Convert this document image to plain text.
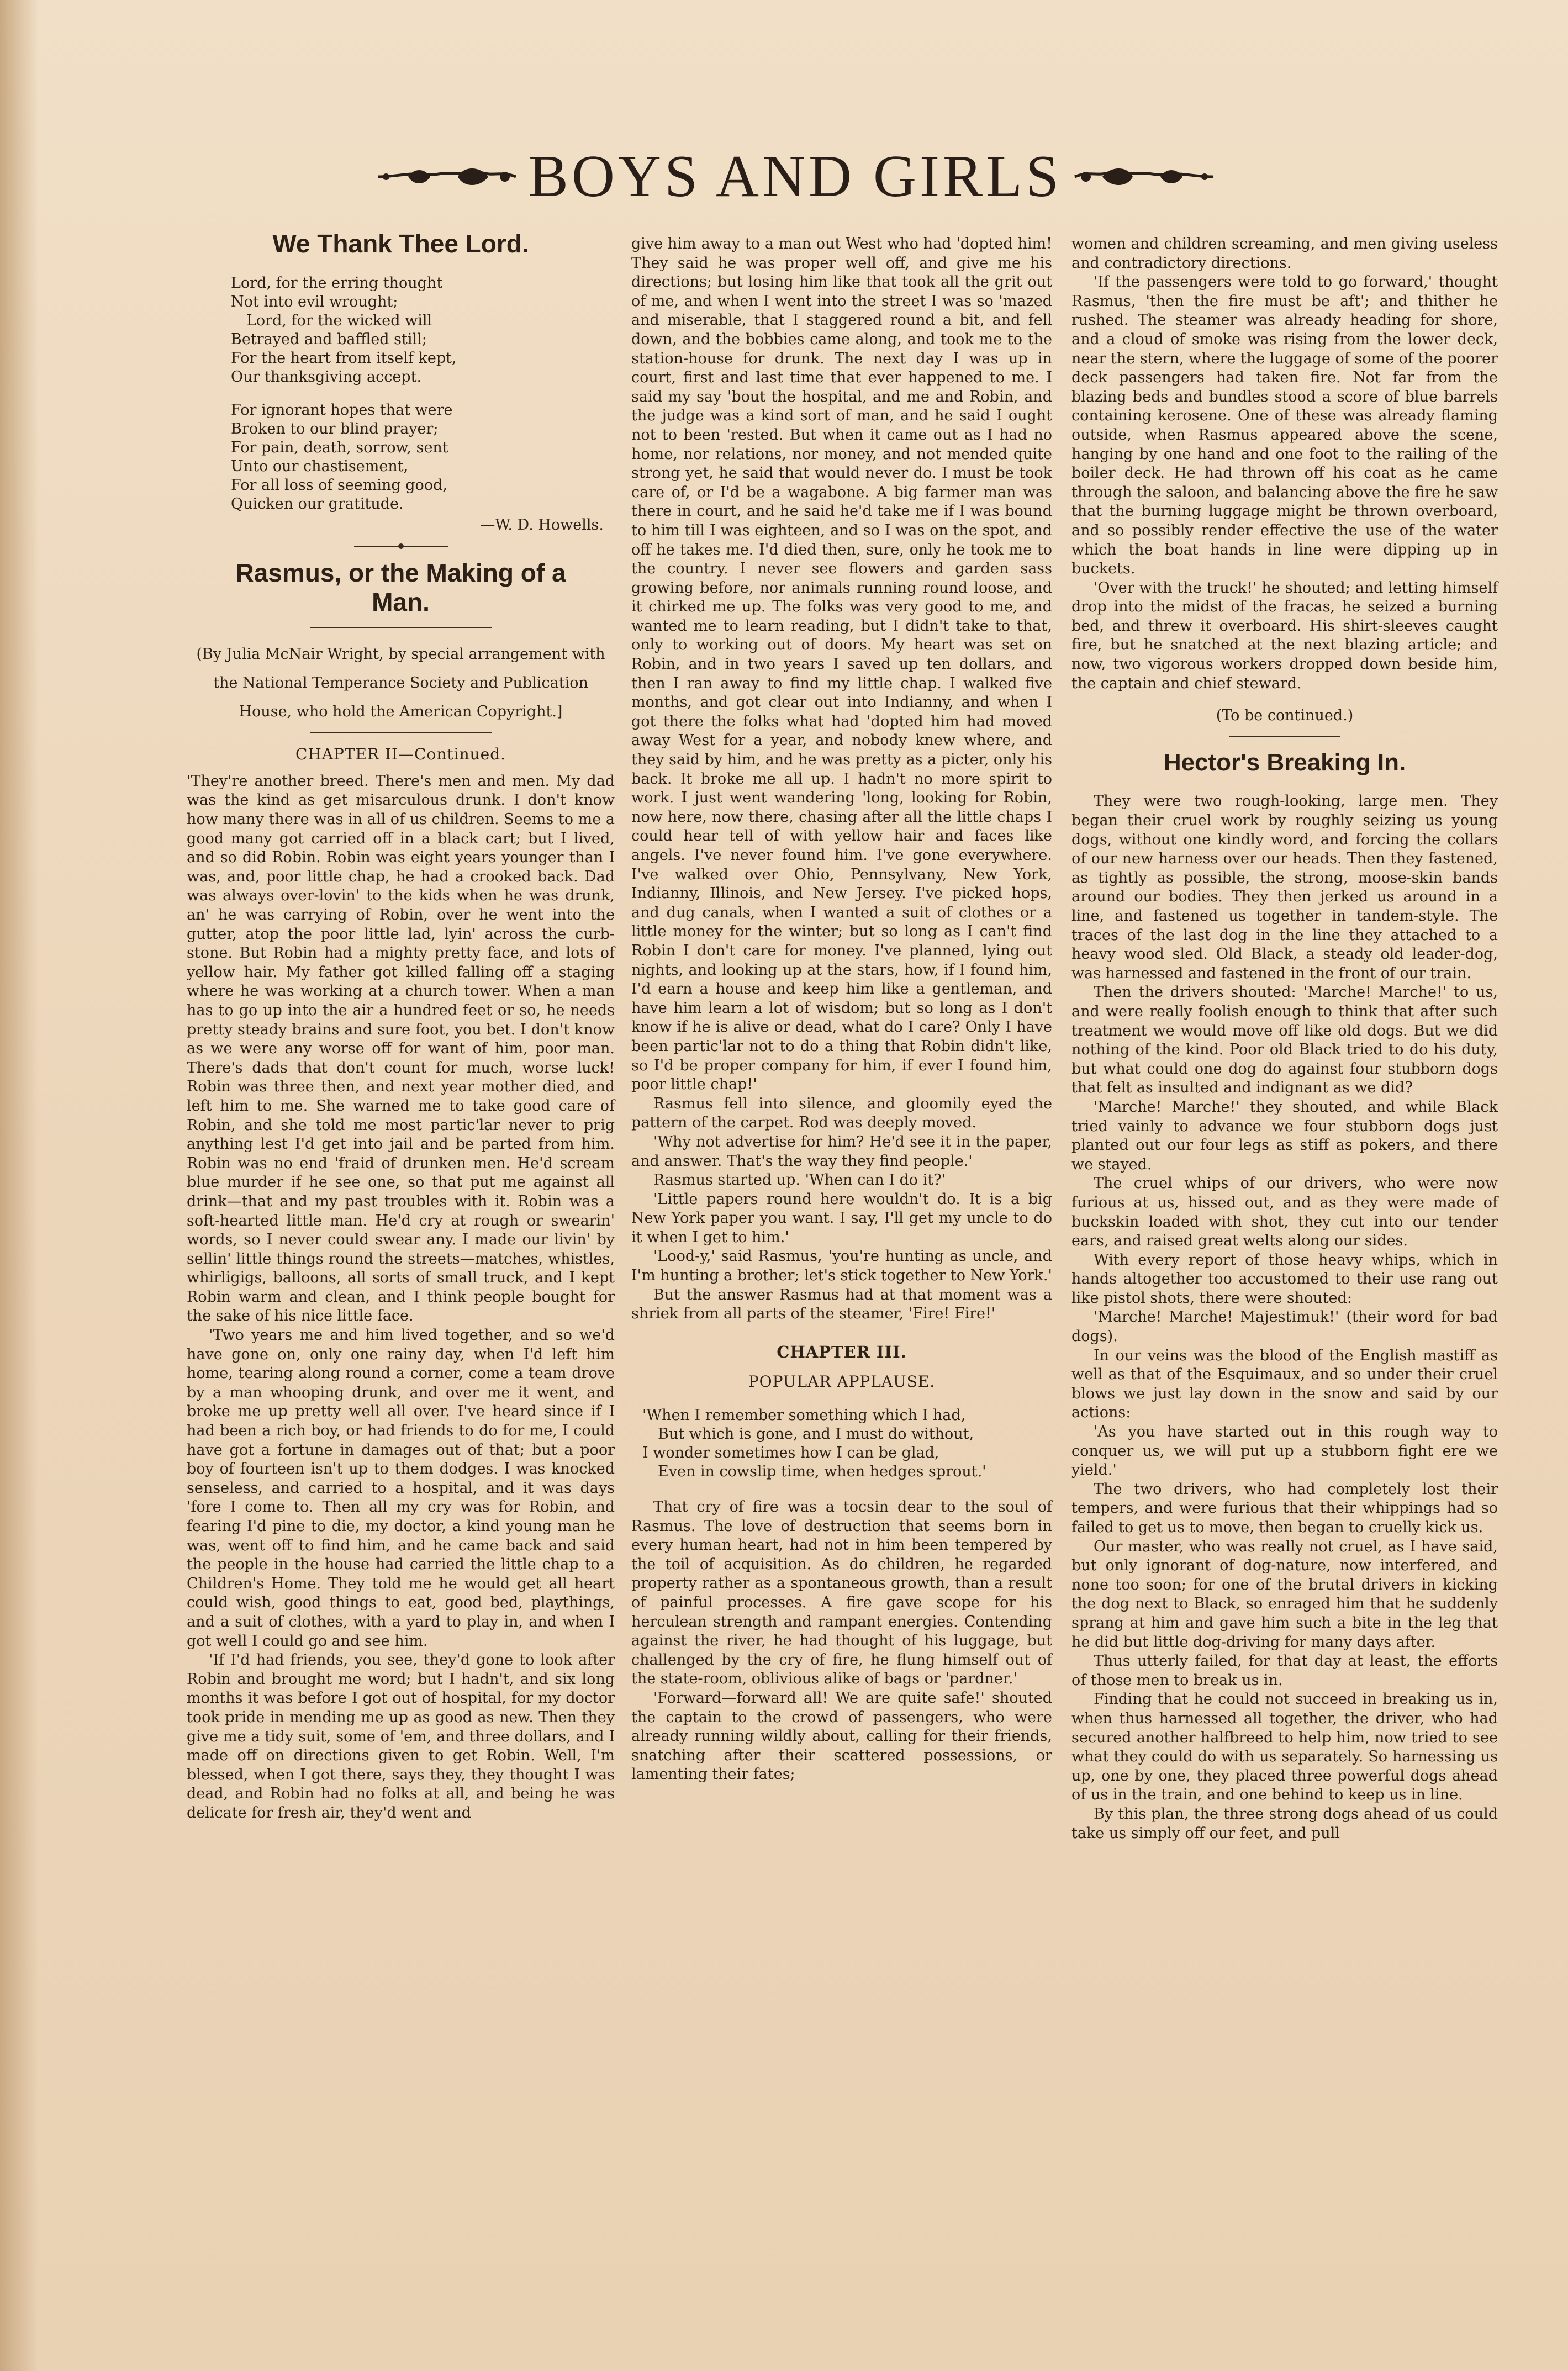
BOYS AND GIRLS
We Thank Thee Lord.
Lord, for the erring thought
Not into evil wrought;
Lord, for the wicked will
Betrayed and baffled still;
For the heart from itself kept,
Our thanksgiving accept.
For ignorant hopes that were
Broken to our blind prayer;
For pain, death, sorrow, sent
Unto our chastisement,
For all loss of seeming good,
Quicken our gratitude.
—W. D. Howells.
Rasmus, or the Making of a
Man.
(By Julia McNair Wright, by special arrangement with the National Temperance Society and Publication House, who hold the American Copyright.]
CHAPTER II—Continued.

'They're another breed. There's men and men. My dad was the kind as get misarculous drunk. I don't know how many there was in all of us children. Seems to me a good many got carried off in a black cart; but I lived, and so did Robin. Robin was eight years younger than I was, and, poor little chap, he had a crooked back. Dad was always over-lovin' to the kids when he was drunk, an' he was carrying of Robin, over he went into the gutter, atop the poor little lad, lyin' across the curb-stone. But Robin had a mighty pretty face, and lots of yellow hair. My father got killed falling off a staging where he was working at a church tower. When a man has to go up into the air a hundred feet or so, he needs pretty steady brains and sure foot, you bet. I don't know as we were any worse off for want of him, poor man. There's dads that don't count for much, worse luck! Robin was three then, and next year mother died, and left him to me. She warned me to take good care of Robin, and she told me most partic'lar never to prig anything lest I'd get into jail and be parted from him. Robin was no end 'fraid of drunken men. He'd scream blue murder if he see one, so that put me against all drink—that and my past troubles with it. Robin was a soft-hearted little man. He'd cry at rough or swearin' words, so I never could swear any. I made our livin' by sellin' little things round the streets—matches, whistles, whirligigs, balloons, all sorts of small truck, and I kept Robin warm and clean, and I think people bought for the sake of his nice little face.

'Two years me and him lived together, and so we'd have gone on, only one rainy day, when I'd left him home, tearing along round a corner, come a team drove by a man whooping drunk, and over me it went, and broke me up pretty well all over. I've heard since if I had been a rich boy, or had friends to do for me, I could have got a fortune in damages out of that; but a poor boy of fourteen isn't up to them dodges. I was knocked senseless, and carried to a hospital, and it was days 'fore I come to. Then all my cry was for Robin, and fearing I'd pine to die, my doctor, a kind young man he was, went off to find him, and he came back and said the people in the house had carried the little chap to a Children's Home. They told me he would get all heart could wish, good things to eat, good bed, playthings, and a suit of clothes, with a yard to play in, and when I got well I could go and see him.

'If I'd had friends, you see, they'd gone to look after Robin and brought me word; but I hadn't, and six long months it was before I got out of hospital, for my doctor took pride in mending me up as good as new. Then they give me a tidy suit, some of 'em, and three dollars, and I made off on directions given to get Robin. Well, I'm blessed, when I got there, says they, they thought I was dead, and Robin had no folks at all, and being he was delicate for fresh air, they'd went and

give him away to a man out West who had 'dopted him! They said he was proper well off, and give me his directions; but losing him like that took all the grit out of me, and when I went into the street I was so 'mazed and miserable, that I staggered round a bit, and fell down, and the bobbies came along, and took me to the station-house for drunk. The next day I was up in court, first and last time that ever happened to me. I said my say 'bout the hospital, and me and Robin, and the judge was a kind sort of man, and he said I ought not to been 'rested. But when it came out as I had no home, nor relations, nor money, and not mended quite strong yet, he said that would never do. I must be took care of, or I'd be a wagabone. A big farmer man was there in court, and he said he'd take me if I was bound to him till I was eighteen, and so I was on the spot, and off he takes me. I'd died then, sure, only he took me to the country. I never see flowers and garden sass growing before, nor animals running round loose, and it chirked me up. The folks was very good to me, and wanted me to learn reading, but I didn't take to that, only to working out of doors. My heart was set on Robin, and in two years I saved up ten dollars, and then I ran away to find my little chap. I walked five months, and got clear out into Indianny, and when I got there the folks what had 'dopted him had moved away West for a year, and nobody knew where, and they said by him, and he was pretty as a picter, only his back. It broke me all up. I hadn't no more spirit to work. I just went wandering 'long, looking for Robin, now here, now there, chasing after all the little chaps I could hear tell of with yellow hair and faces like angels. I've never found him. I've gone everywhere. I've walked over Ohio, Pennsylvany, New York, Indianny, Illinois, and New Jersey. I've picked hops, and dug canals, when I wanted a suit of clothes or a little money for the winter; but so long as I can't find Robin I don't care for money. I've planned, lying out nights, and looking up at the stars, how, if I found him, I'd earn a house and keep him like a gentleman, and have him learn a lot of wisdom; but so long as I don't know if he is alive or dead, what do I care? Only I have been partic'lar not to do a thing that Robin didn't like, so I'd be proper company for him, if ever I found him, poor little chap!'

Rasmus fell into silence, and gloomily eyed the pattern of the carpet. Rod was deeply moved.

'Why not advertise for him? He'd see it in the paper, and answer. That's the way they find people.'

Rasmus started up. 'When can I do it?'

'Little papers round here wouldn't do. It is a big New York paper you want. I say, I'll get my uncle to do it when I get to him.'

'Lood-y,' said Rasmus, 'you're hunting as uncle, and I'm hunting a brother; let's stick together to New York.'

But the answer Rasmus had at that moment was a shriek from all parts of the steamer, 'Fire! Fire!'

CHAPTER III.
POPULAR APPLAUSE.
'When I remember something which I had,
But which is gone, and I must do without,
I wonder sometimes how I can be glad,
Even in cowslip time, when hedges sprout.'

That cry of fire was a tocsin dear to the soul of Rasmus. The love of destruction that seems born in every human heart, had not in him been tempered by the toil of acquisition. As do children, he regarded property rather as a spontaneous growth, than a result of painful processes. A fire gave scope for his herculean strength and rampant energies. Contending against the river, he had thought of his luggage, but challenged by the cry of fire, he flung himself out of the state-room, oblivious alike of bags or 'pardner.'

'Forward—forward all! We are quite safe!' shouted the captain to the crowd of passengers, who were already running wildly about, calling for their friends, snatching after their scattered possessions, or lamenting their fates;

women and children screaming, and men giving useless and contradictory directions.

'If the passengers were told to go forward,' thought Rasmus, 'then the fire must be aft'; and thither he rushed. The steamer was already heading for shore, and a cloud of smoke was rising from the lower deck, near the stern, where the luggage of some of the poorer deck passengers had taken fire. Not far from the blazing beds and bundles stood a score of blue barrels containing kerosene. One of these was already flaming outside, when Rasmus appeared above the scene, hanging by one hand and one foot to the railing of the boiler deck. He had thrown off his coat as he came through the saloon, and balancing above the fire he saw that the burning luggage might be thrown overboard, and so possibly render effective the use of the water which the boat hands in line were dipping up in buckets.

'Over with the truck!' he shouted; and letting himself drop into the midst of the fracas, he seized a burning bed, and threw it overboard. His shirt-sleeves caught fire, but he snatched at the next blazing article; and now, two vigorous workers dropped down beside him, the captain and chief steward.

(To be continued.)
Hector's Breaking In.

They were two rough-looking, large men. They began their cruel work by roughly seizing us young dogs, without one kindly word, and forcing the collars of our new harness over our heads. Then they fastened, as tightly as possible, the strong, moose-skin bands around our bodies. They then jerked us around in a line, and fastened us together in tandem-style. The traces of the last dog in the line they attached to a heavy wood sled. Old Black, a steady old leader-dog, was harnessed and fastened in the front of our train.

Then the drivers shouted: 'Marche! Marche!' to us, and were really foolish enough to think that after such treatment we would move off like old dogs. But we did nothing of the kind. Poor old Black tried to do his duty, but what could one dog do against four stubborn dogs that felt as insulted and indignant as we did?

'Marche! Marche!' they shouted, and while Black tried vainly to advance we four stubborn dogs just planted out our four legs as stiff as pokers, and there we stayed.

The cruel whips of our drivers, who were now furious at us, hissed out, and as they were made of buckskin loaded with shot, they cut into our tender ears, and raised great welts along our sides.

With every report of those heavy whips, which in hands altogether too accustomed to their use rang out like pistol shots, there were shouted:

'Marche! Marche! Majestimuk!' (their word for bad dogs).

In our veins was the blood of the English mastiff as well as that of the Esquimaux, and so under their cruel blows we just lay down in the snow and said by our actions:

'As you have started out in this rough way to conquer us, we will put up a stubborn fight ere we yield.'

The two drivers, who had completely lost their tempers, and were furious that their whippings had so failed to get us to move, then began to cruelly kick us.

Our master, who was really not cruel, as I have said, but only ignorant of dog-nature, now interfered, and none too soon; for one of the brutal drivers in kicking the dog next to Black, so enraged him that he suddenly sprang at him and gave him such a bite in the leg that he did but little dog-driving for many days after.

Thus utterly failed, for that day at least, the efforts of those men to break us in.

Finding that he could not succeed in breaking us in, when thus harnessed all together, the driver, who had secured another halfbreed to help him, now tried to see what they could do with us separately. So harnessing us up, one by one, they placed three powerful dogs ahead of us in the train, and one behind to keep us in line.

By this plan, the three strong dogs ahead of us could take us simply off our feet, and pull
